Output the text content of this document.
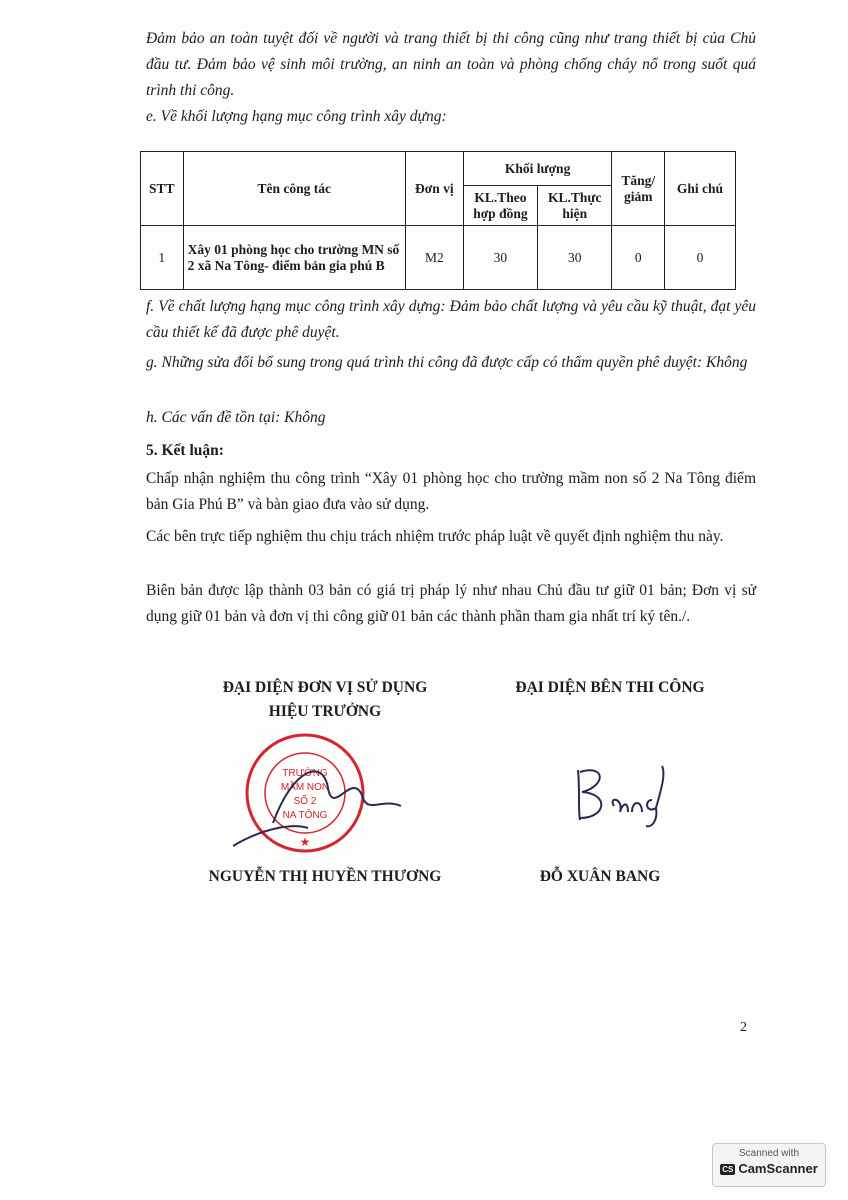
Đảm bảo an toàn tuyệt đối về người và trang thiết bị thi công cũng như trang thiết bị của Chủ đầu tư. Đảm bảo vệ sinh môi trường, an ninh an toàn và phòng chống cháy nổ trong suốt quá trình thi công.
e. Về khối lượng hạng mục công trình xây dựng:
STT	Tên công tác	Đơn vị	Khối lượng		Tăng/ giảm	Ghi chú
			KL.Theo hợp đồng	KL.Thực hiện		
1	Xây 01 phòng học cho trường MN số 2 xã Na Tông- điểm bản gia phú B	M2	30	30	0	0
f. Về chất lượng hạng mục công trình xây dựng: Đảm bảo chất lượng và yêu cầu kỹ thuật, đạt yêu cầu thiết kế đã được phê duyệt.
g. Những sửa đổi bổ sung trong quá trình thi công đã được cấp có thẩm quyền phê duyệt: Không
h. Các vấn đề tồn tại: Không
5. Kết luận:
Chấp nhận nghiệm thu công trình “Xây 01 phòng học cho trường mầm non số 2 Na Tông điểm bản Gia Phú B” và bàn giao đưa vào sử dụng.
Các bên trực tiếp nghiệm thu chịu trách nhiệm trước pháp luật về quyết định nghiệm thu này.
Biên bản được lập thành 03 bản có giá trị pháp lý như nhau Chủ đầu tư giữ 01 bản; Đơn vị sử dụng giữ 01 bản và đơn vị thi công giữ 01 bản các thành phần tham gia nhất trí ký tên./.
ĐẠI DIỆN ĐƠN VỊ SỬ DỤNG
HIỆU TRƯỞNG
ĐẠI DIỆN BÊN THI CÔNG
TRƯỜNG
MẦM NON
SỐ 2
NA TÔNG
★
NGUYỄN THỊ HUYỀN THƯƠNG	ĐỖ XUÂN BANG
2
Scanned with
CS CamScanner
